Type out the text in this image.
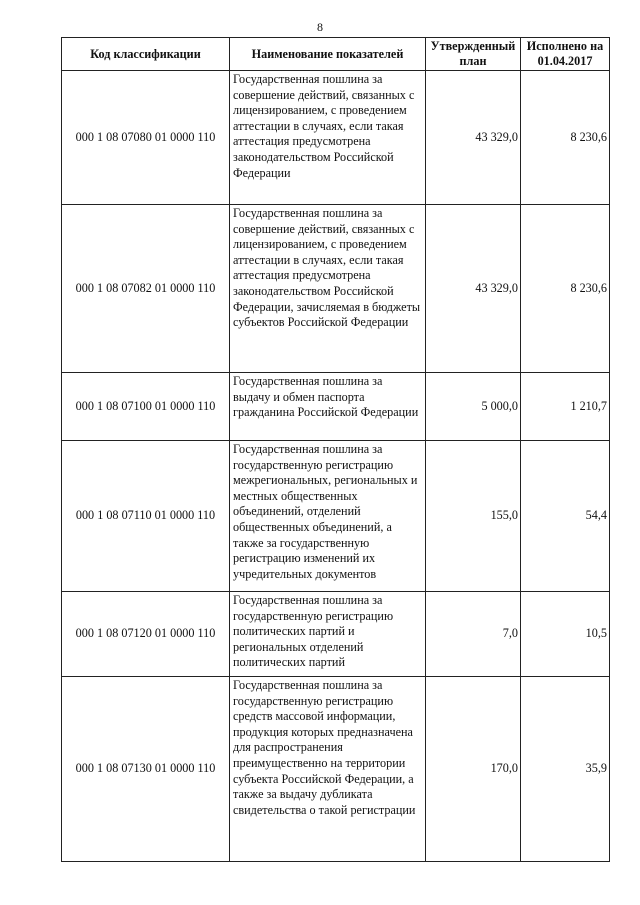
8
Код классификации	Наименование показателей	Утвержденный план	Исполнено на 01.04.2017
000 1 08 07080 01 0000 110	Государственная пошлина за совершение действий, связанных с лицензированием, с проведением аттестации в случаях, если такая аттестация предусмотрена законодательством Российской Федерации	43 329,0	8 230,6
000 1 08 07082 01 0000 110	Государственная пошлина за совершение действий, связанных с лицензированием, с проведением аттестации в случаях, если такая аттестация предусмотрена законодательством Российской Федерации, зачисляемая в бюджеты субъектов Российской Федерации	43 329,0	8 230,6
000 1 08 07100 01 0000 110	Государственная пошлина за выдачу и обмен паспорта гражданина Российской Федерации	5 000,0	1 210,7
000 1 08 07110 01 0000 110	Государственная пошлина за государственную регистрацию межрегиональных, региональных и местных общественных объединений, отделений общественных объединений, а также за государственную регистрацию изменений их учредительных документов	155,0	54,4
000 1 08 07120 01 0000 110	Государственная пошлина за государственную регистрацию политических партий и региональных отделений политических партий	7,0	10,5
000 1 08 07130 01 0000 110	Государственная пошлина за государственную регистрацию средств массовой информации, продукция которых предназначена для распространения преимущественно на территории субъекта Российской Федерации, а также за выдачу дубликата свидетельства о такой регистрации	170,0	35,9
